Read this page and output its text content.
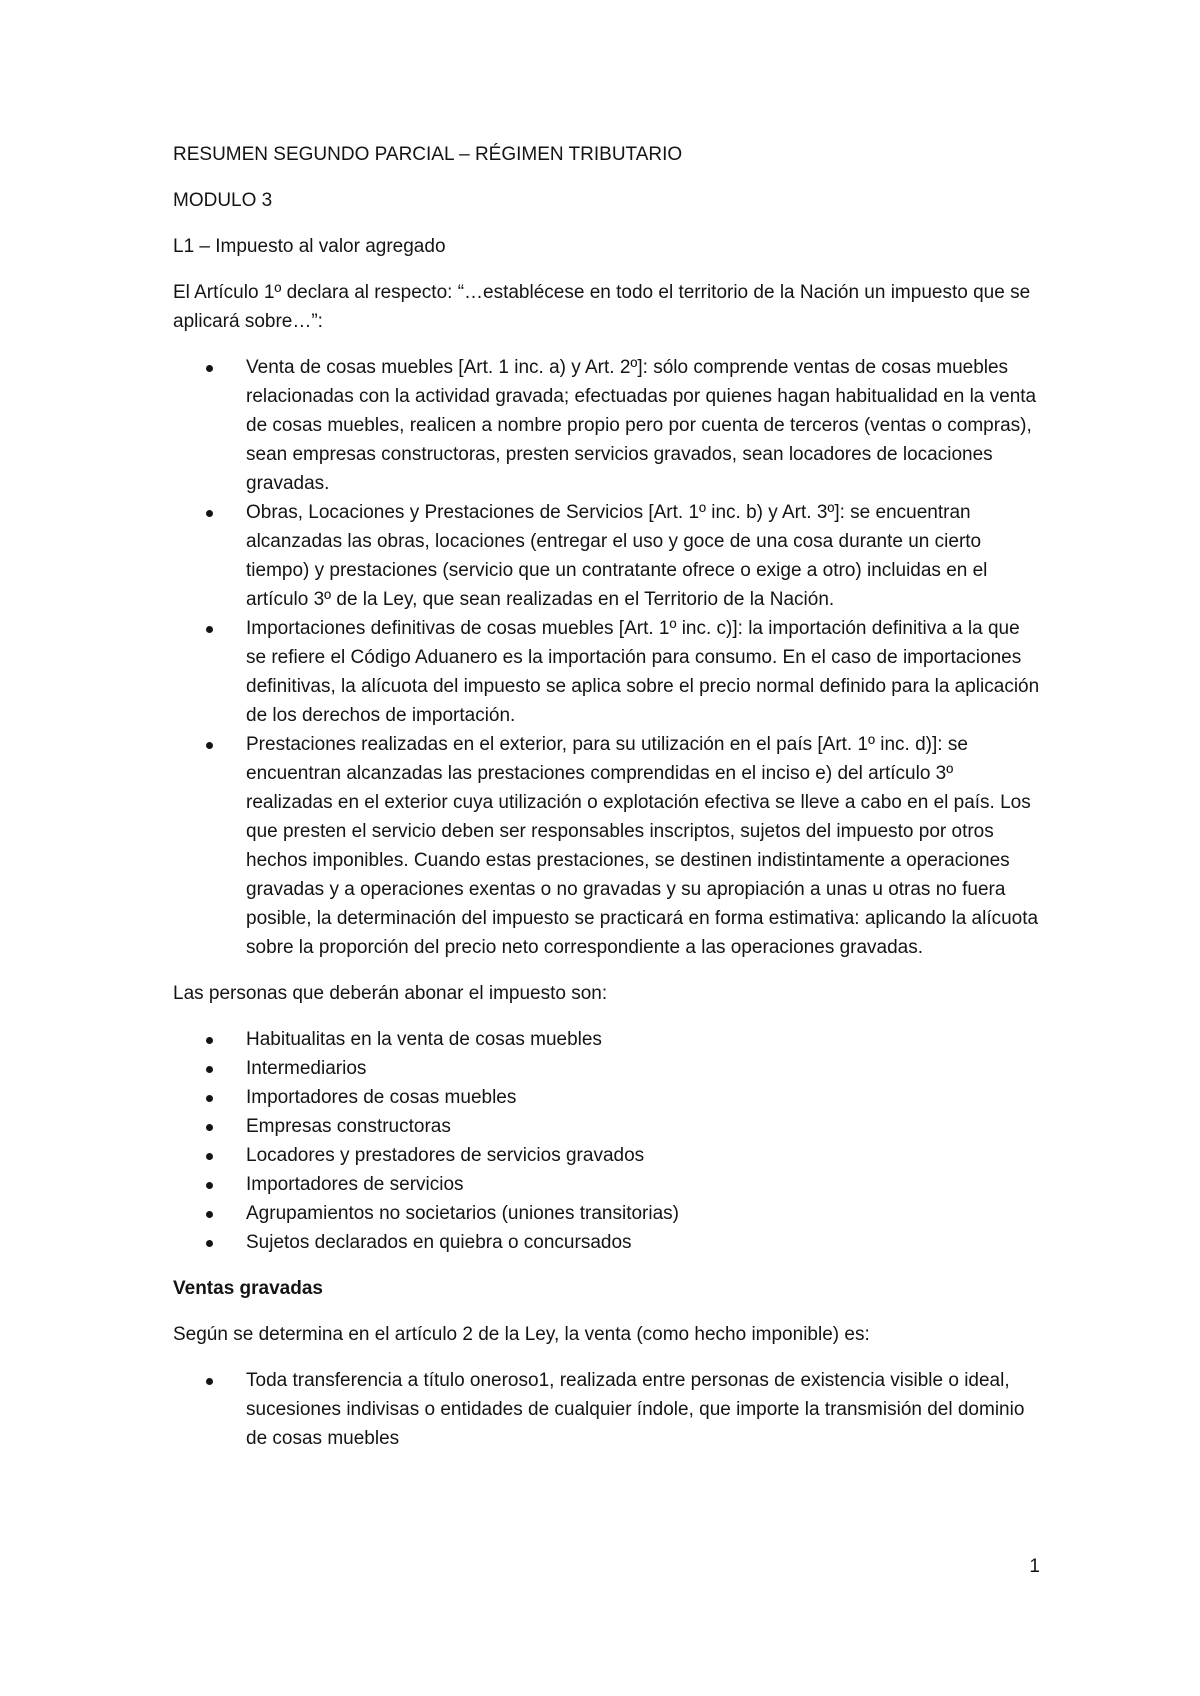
RESUMEN SEGUNDO PARCIAL – RÉGIMEN TRIBUTARIO

MODULO 3

L1 – Impuesto al valor agregado

El Artículo 1º declara al respecto: “…establécese en todo el territorio de la Nación un impuesto que se aplicará sobre…”:

Venta de cosas muebles [Art. 1 inc. a) y Art. 2º]: sólo comprende ventas de cosas muebles relacionadas con la actividad gravada; efectuadas por quienes hagan habitualidad en la venta de cosas muebles, realicen a nombre propio pero por cuenta de terceros (ventas o compras), sean empresas constructoras, presten servicios gravados, sean locadores de locaciones gravadas.
Obras, Locaciones y Prestaciones de Servicios [Art. 1º inc. b) y Art. 3º]: se encuentran alcanzadas las obras, locaciones (entregar el uso y goce de una cosa durante un cierto tiempo) y prestaciones (servicio que un contratante ofrece o exige a otro) incluidas en el artículo 3º de la Ley, que sean realizadas en el Territorio de la Nación.
Importaciones definitivas de cosas muebles [Art. 1º inc. c)]: la importación definitiva a la que se refiere el Código Aduanero es la importación para consumo. En el caso de importaciones definitivas, la alícuota del impuesto se aplica sobre el precio normal definido para la aplicación de los derechos de importación.
Prestaciones realizadas en el exterior, para su utilización en el país [Art. 1º inc. d)]: se encuentran alcanzadas las prestaciones comprendidas en el inciso e) del artículo 3º realizadas en el exterior cuya utilización o explotación efectiva se lleve a cabo en el país. Los que presten el servicio deben ser responsables inscriptos, sujetos del impuesto por otros hechos imponibles. Cuando estas prestaciones, se destinen indistintamente a operaciones gravadas y a operaciones exentas o no gravadas y su apropiación a unas u otras no fuera posible, la determinación del impuesto se practicará en forma estimativa: aplicando la alícuota sobre la proporción del precio neto correspondiente a las operaciones gravadas.

Las personas que deberán abonar el impuesto son:

Habitualitas en la venta de cosas muebles
Intermediarios
Importadores de cosas muebles
Empresas constructoras
Locadores y prestadores de servicios gravados
Importadores de servicios
Agrupamientos no societarios (uniones transitorias)
Sujetos declarados en quiebra o concursados

Ventas gravadas

Según se determina en el artículo 2 de la Ley, la venta (como hecho imponible) es:

Toda transferencia a título oneroso1, realizada entre personas de existencia visible o ideal, sucesiones indivisas o entidades de cualquier índole, que importe la transmisión del dominio de cosas muebles
1
